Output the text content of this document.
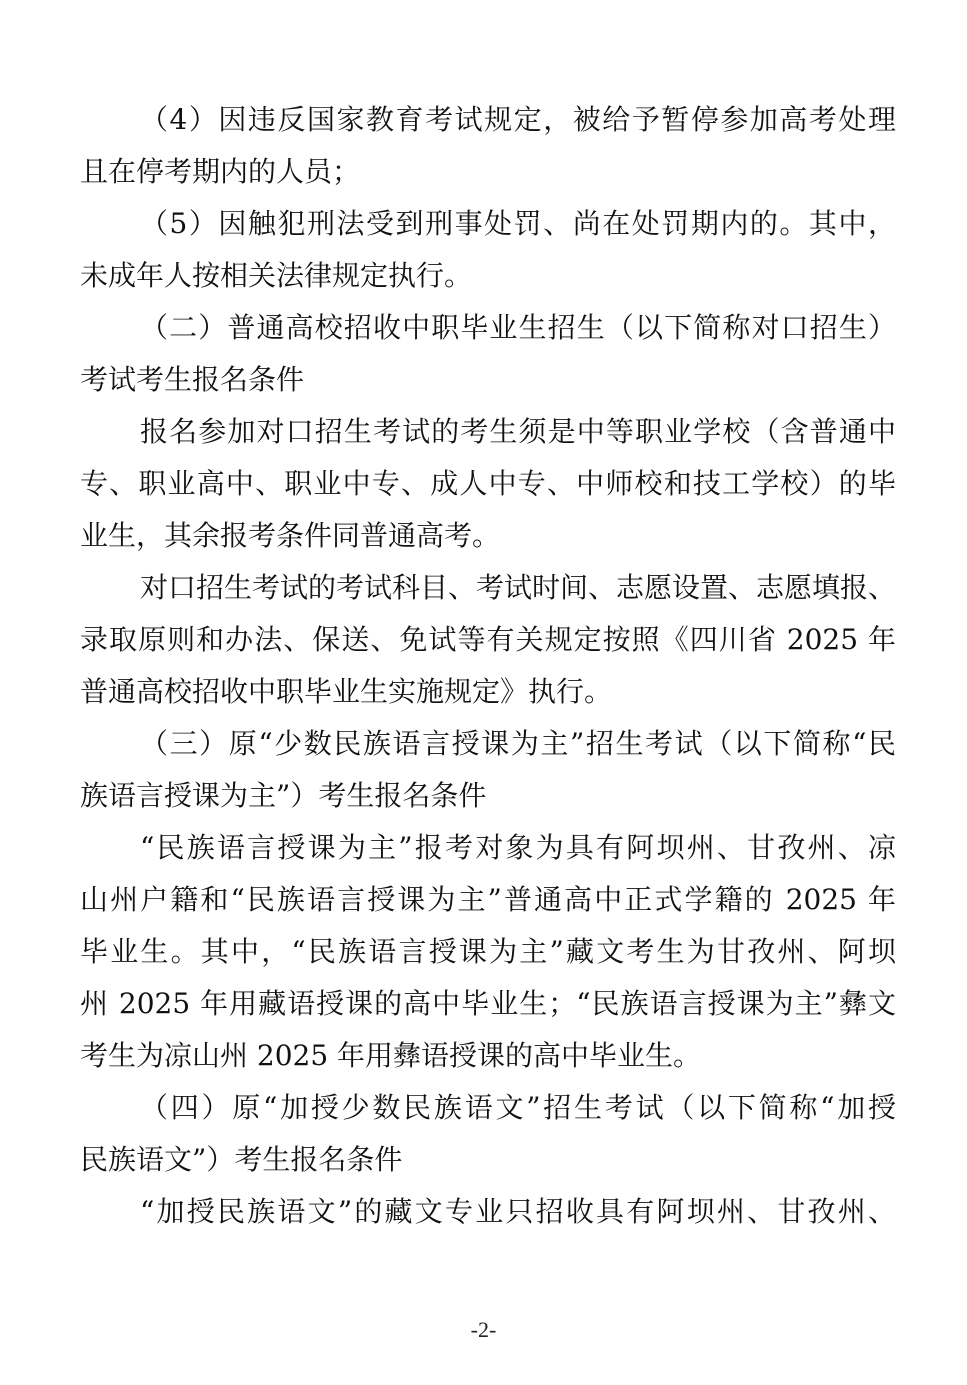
（4）因违反国家教育考试规定，被给予暂停参加高考处理
且在停考期内的人员；
（5）因触犯刑法受到刑事处罚、尚在处罚期内的。其中，
未成年人按相关法律规定执行。
（二）普通高校招收中职毕业生招生（以下简称对口招生）
考试考生报名条件
报名参加对口招生考试的考生须是中等职业学校（含普通中
专、职业高中、职业中专、成人中专、中师校和技工学校）的毕
业生，其余报考条件同普通高考。
对口招生考试的考试科目、考试时间、志愿设置、志愿填报、
录取原则和办法、保送、免试等有关规定按照《四川省 2025 年
普通高校招收中职毕业生实施规定》执行。
（三）原“少数民族语言授课为主”招生考试（以下简称“民
族语言授课为主”）考生报名条件
“民族语言授课为主”报考对象为具有阿坝州、甘孜州、凉
山州户籍和“民族语言授课为主”普通高中正式学籍的 2025 年
毕业生。其中，“民族语言授课为主”藏文考生为甘孜州、阿坝
州 2025 年用藏语授课的高中毕业生；“民族语言授课为主”彝文
考生为凉山州 2025 年用彝语授课的高中毕业生。
（四）原“加授少数民族语文”招生考试（以下简称“加授
民族语文”）考生报名条件
“加授民族语文”的藏文专业只招收具有阿坝州、甘孜州、
-2-
